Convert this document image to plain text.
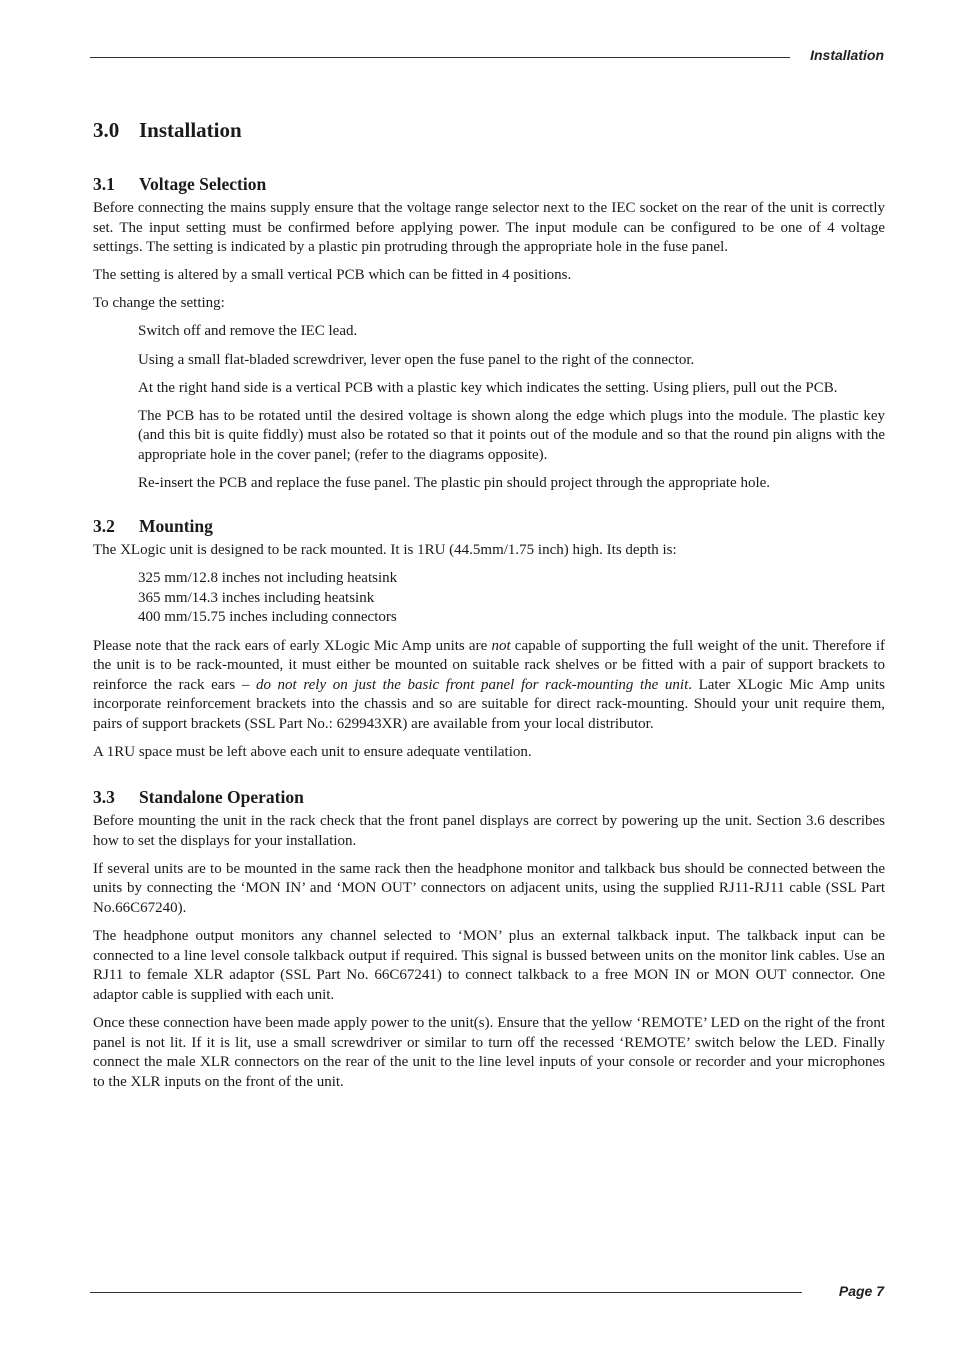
Installation
3.0 Installation
3.1 Voltage Selection

Before connecting the mains supply ensure that the voltage range selector next to the IEC socket on the rear of the unit is correctly set. The input setting must be confirmed before applying power. The input module can be configured to be one of 4 voltage settings. The setting is indicated by a plastic pin protruding through the appropriate hole in the fuse panel.

The setting is altered by a small vertical PCB which can be fitted in 4 positions.

To change the setting:

Switch off and remove the IEC lead.

Using a small flat-bladed screwdriver, lever open the fuse panel to the right of the connector.

At the right hand side is a vertical PCB with a plastic key which indicates the setting. Using pliers, pull out the PCB.

The PCB has to be rotated until the desired voltage is shown along the edge which plugs into the module. The plastic key (and this bit is quite fiddly) must also be rotated so that it points out of the module and so that the round pin aligns with the appropriate hole in the cover panel; (refer to the diagrams opposite).

Re-insert the PCB and replace the fuse panel. The plastic pin should project through the appropriate hole.

3.2 Mounting

The XLogic unit is designed to be rack mounted. It is 1RU (44.5mm/1.75 inch) high. Its depth is:

325 mm/12.8 inches not including heatsink
365 mm/14.3 inches including heatsink
400 mm/15.75 inches including connectors

Please note that the rack ears of early XLogic Mic Amp units are not capable of supporting the full weight of the unit. Therefore if the unit is to be rack-mounted, it must either be mounted on suitable rack shelves or be fitted with a pair of support brackets to reinforce the rack ears – do not rely on just the basic front panel for rack-mounting the unit. Later XLogic Mic Amp units incorporate reinforcement brackets into the chassis and so are suitable for direct rack-mounting. Should your unit require them, pairs of support brackets (SSL Part No.: 629943XR) are available from your local distributor.

A 1RU space must be left above each unit to ensure adequate ventilation.

3.3 Standalone Operation

Before mounting the unit in the rack check that the front panel displays are correct by powering up the unit. Section 3.6 describes how to set the displays for your installation.

If several units are to be mounted in the same rack then the headphone monitor and talkback bus should be connected between the units by connecting the ‘MON IN’ and ‘MON OUT’ connectors on adjacent units, using the supplied RJ11-RJ11 cable (SSL Part No.66C67240).

The headphone output monitors any channel selected to ‘MON’ plus an external talkback input. The talkback input can be connected to a line level console talkback output if required. This signal is bussed between units on the monitor link cables. Use an RJ11 to female XLR adaptor (SSL Part No. 66C67241) to connect talkback to a free MON IN or MON OUT connector. One adaptor cable is supplied with each unit.

Once these connection have been made apply power to the unit(s). Ensure that the yellow ‘REMOTE’ LED on the right of the front panel is not lit. If it is lit, use a small screwdriver or similar to turn off the recessed ‘REMOTE’ switch below the LED. Finally connect the male XLR connectors on the rear of the unit to the line level inputs of your console or recorder and your microphones to the XLR inputs on the front of the unit.

Page 7
